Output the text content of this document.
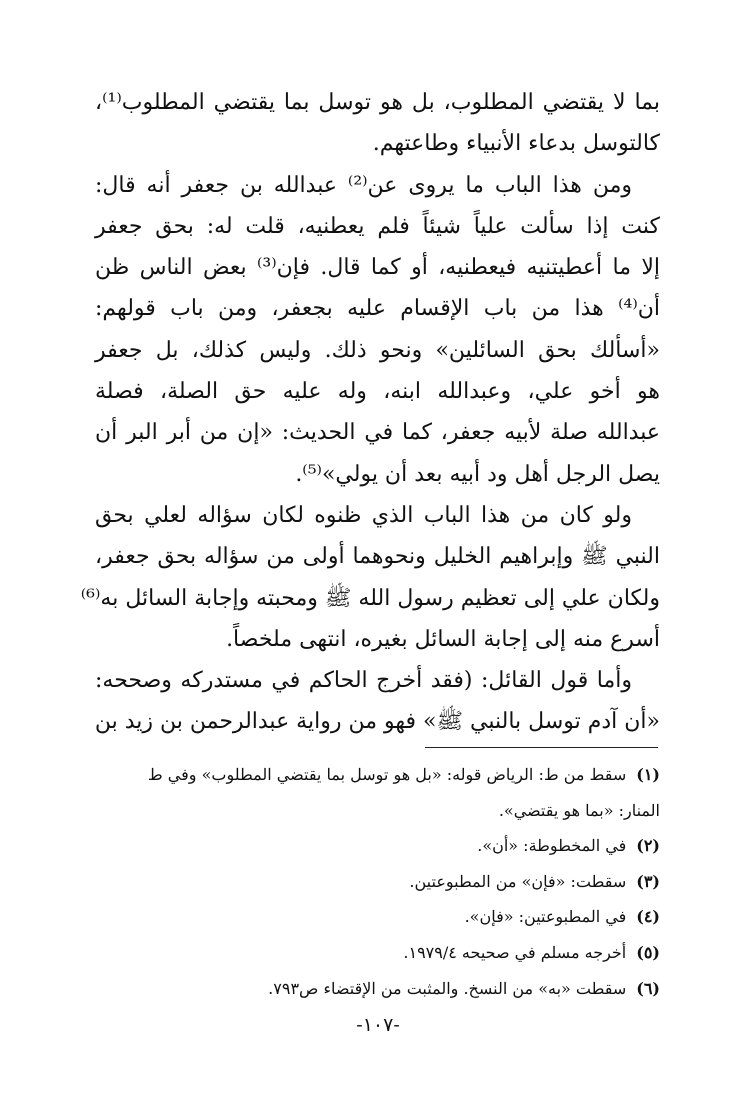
بما لا يقتضي المطلوب، بل هو توسل بما يقتضي المطلوب⁽¹⁾،
كالتوسل بدعاء الأنبياء وطاعتهم.
ومن هذا الباب ما يروى عن⁽²⁾ عبدالله بن جعفر أنه قال:
كنت إذا سألت علياً شيئاً فلم يعطنيه، قلت له: بحق جعفر
إلا ما أعطيتنيه فيعطنيه، أو كما قال. فإن⁽³⁾ بعض الناس ظن
أن⁽⁴⁾ هذا من باب الإقسام عليه بجعفر، ومن باب قولهم:
«أسألك بحق السائلين» ونحو ذلك. وليس كذلك، بل جعفر
هو أخو علي، وعبدالله ابنه، وله عليه حق الصلة، فصلة
عبدالله صلة لأبيه جعفر، كما في الحديث: «إن من أبر البر أن
يصل الرجل أهل ود أبيه بعد أن يولي»⁽⁵⁾.
ولو كان من هذا الباب الذي ظنوه لكان سؤاله لعلي بحق
النبي ﷺ وإبراهيم الخليل ونحوهما أولى من سؤاله بحق جعفر،
ولكان علي إلى تعظيم رسول الله ﷺ ومحبته وإجابة السائل به⁽⁶⁾
أسرع منه إلى إجابة السائل بغيره، انتهى ملخصاً.
وأما قول القائل: (فقد أخرج الحاكم في مستدركه وصححه:
«أن آدم توسل بالنبي ﷺ» فهو من رواية عبدالرحمن بن زيد بن
(١)سقط من ط: الرياض قوله: «بل هو توسل بما يقتضي المطلوب» وفي ط
المنار: «بما هو يقتضي».
(٢)في المخطوطة: «أن».
(٣)سقطت: «فإن» من المطبوعتين.
(٤)في المطبوعتين: «فإن».
(٥)أخرجه مسلم في صحيحه ١٩٧٩/٤.
(٦)سقطت «به» من النسخ. والمثبت من الإقتضاء ص٧٩٣.
-١٠٧-
